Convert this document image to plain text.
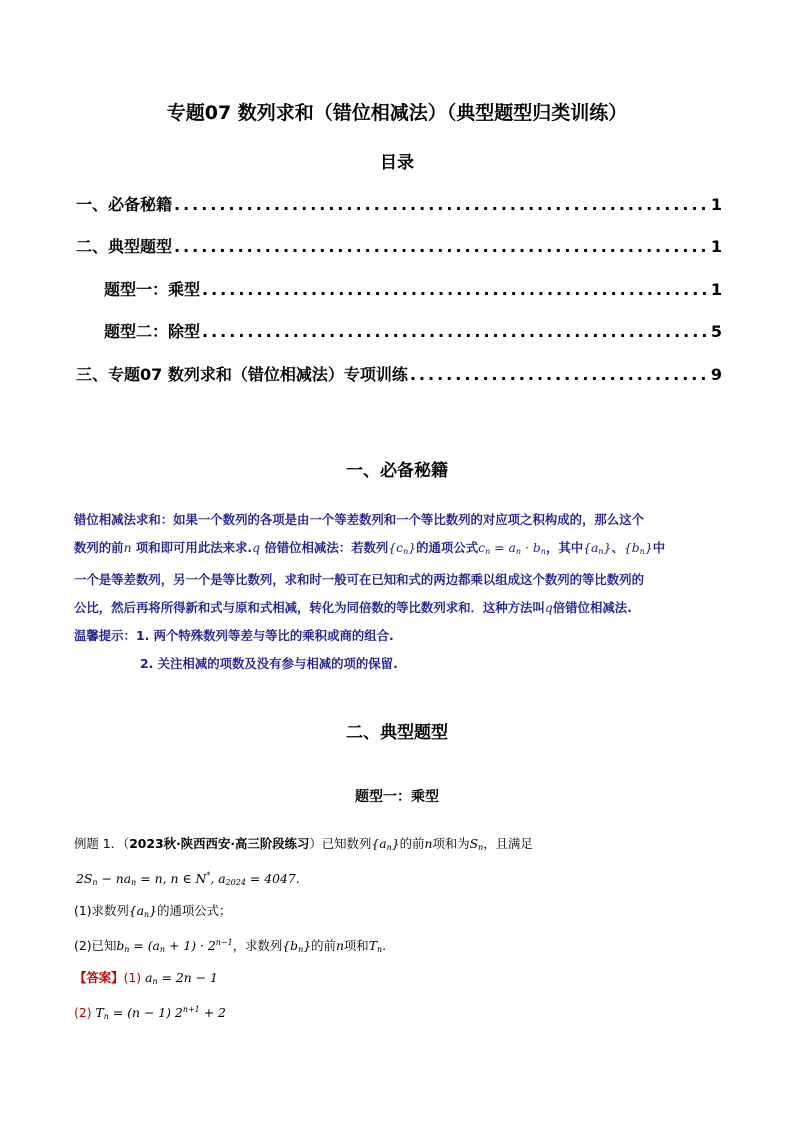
专题07 数列求和（错位相减法）（典型题型归类训练）
目录
一、必备秘籍 .....	1
二、典型题型 .....	1
题型一：乘型 .....	1
题型二：除型 .....	5
三、专题07 数列求和（错位相减法）专项训练 .....	9
一、必备秘籍

错位相减法求和：如果一个数列的各项是由一个等差数列和一个等比数列的对应项之积构成的，那么这个

数列的前n 项和即可用此法来求.q 倍错位相减法：若数列$\{c_n\}$的通项公式$c_n = a_n \cdot b_n$，其中$\{a_n\}$、$\{b_n\}$中

一个是等差数列，另一个是等比数列，求和时一般可在已知和式的两边都乘以组成这个数列的等比数列的

公比，然后再将所得新和式与原和式相减，转化为同倍数的等比数列求和．这种方法叫q倍错位相减法.

温馨提示：1. 两个特殊数列等差与等比的乘积或商的组合.

2. 关注相减的项数及没有参与相减的项的保留.

二、典型题型
题型一：乘型

例题 1．（2023秋·陕西西安·高三阶段练习）已知数列$\{a_n\}$的前n项和为$S_n$，且满足

$2S_n - na_n = n$, n ∈ N*, $a_{2024} = 4047$.

(1)求数列$\{a_n\}$的通项公式；

(2)已知$b_n = (a_n + 1) \cdot 2^{n-1}$，求数列$\{b_n\}$的前n项和$T_n$.

【答案】(1) $a_n = 2n - 1$

(2) $T_n = (n - 1) 2^{n+1} + 2$
